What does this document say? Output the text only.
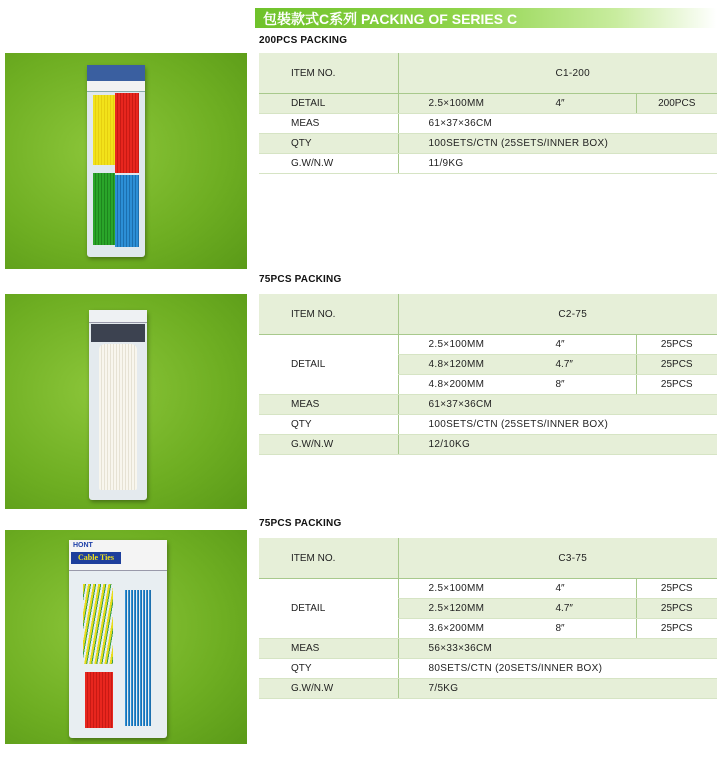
包裝款式C系列 PACKING OF SERIES C
200PCS PACKING
ITEM NO.	C1-200		
DETAIL	2.5×100MM	4″	200PCS
MEAS	61×37×36CM		
QTY	100SETS/CTN (25SETS/INNER BOX)		
G.W/N.W	11/9KG		
75PCS PACKING
ITEM NO.	C2-75		
DETAIL	2.5×100MM	4″	25PCS
	4.8×120MM	4.7″	25PCS
	4.8×200MM	8″	25PCS
MEAS	61×37×36CM		
QTY	100SETS/CTN (25SETS/INNER BOX)		
G.W/N.W	12/10KG		
75PCS PACKING
HONT
Cable Ties	ITEM NO.	C3-75		
DETAIL	2.5×100MM	4″	25PCS
	2.5×120MM	4.7″	25PCS
	3.6×200MM	8″	25PCS
MEAS	56×33×36CM		
QTY	80SETS/CTN (20SETS/INNER BOX)		
G.W/N.W	7/5KG		
